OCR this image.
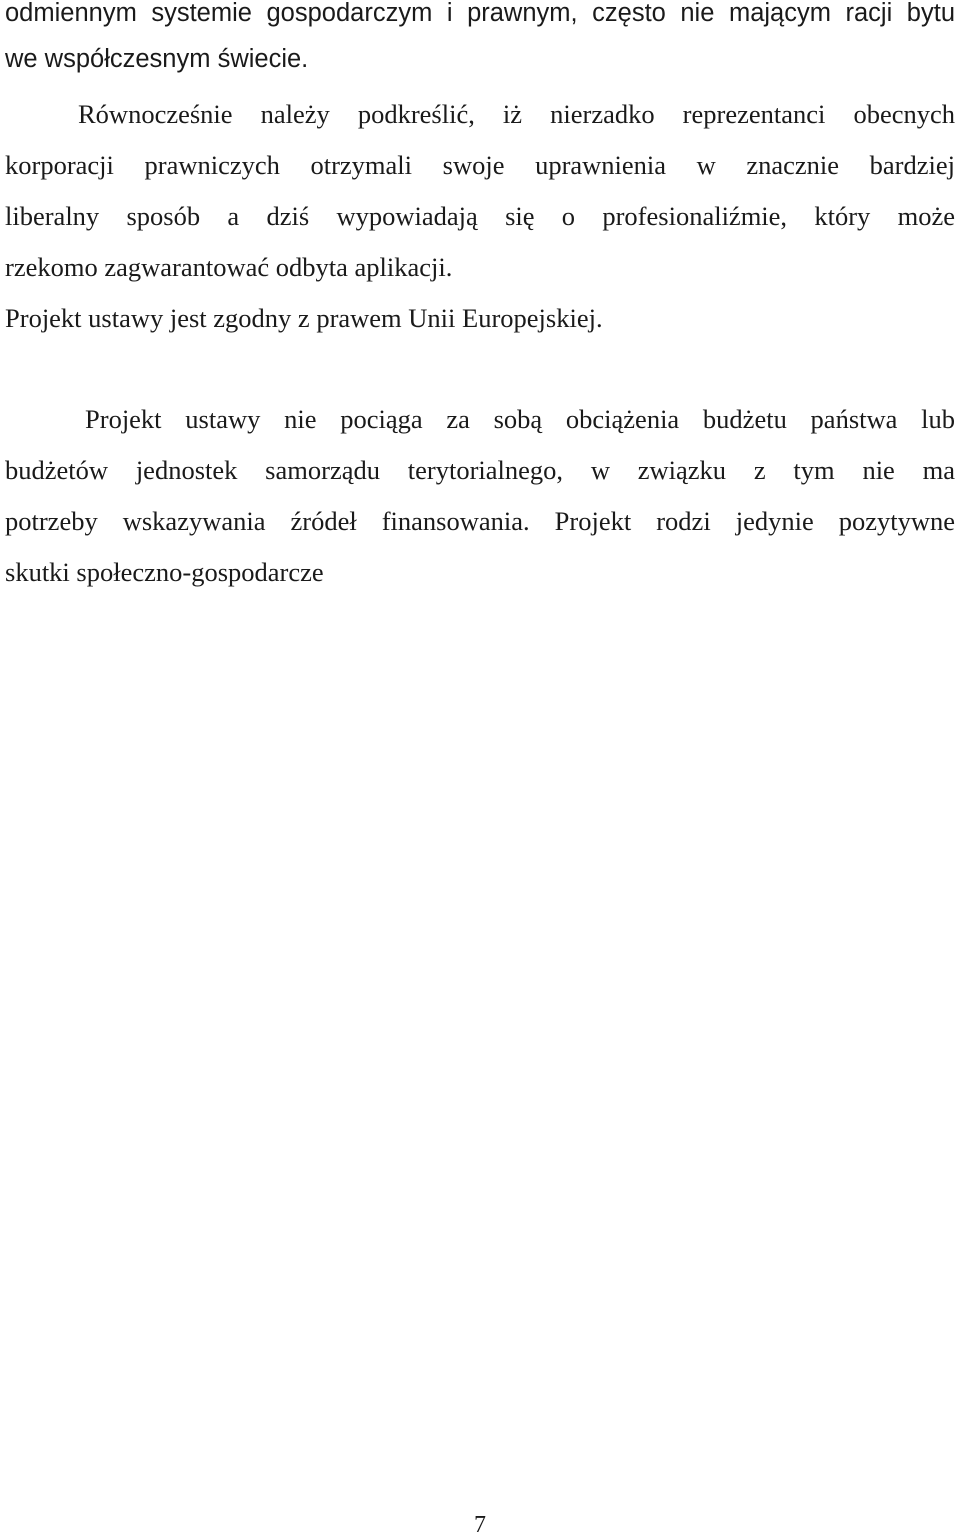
odmiennym systemie gospodarczym i prawnym, często nie mającym racji bytu
we współczesnym świecie.
Równocześnie należy podkreślić, iż nierzadko reprezentanci obecnych
korporacji prawniczych otrzymali swoje uprawnienia w znacznie bardziej
liberalny sposób a dziś wypowiadają się o profesionaliźmie, który może
rzekomo zagwarantować odbyta aplikacji.
Projekt ustawy jest zgodny z prawem Unii Europejskiej.
Projekt ustawy nie pociąga za sobą obciążenia budżetu państwa lub
budżetów jednostek samorządu terytorialnego, w związku z tym nie ma
potrzeby wskazywania źródeł finansowania. Projekt rodzi jedynie pozytywne
skutki społeczno-gospodarcze
7
